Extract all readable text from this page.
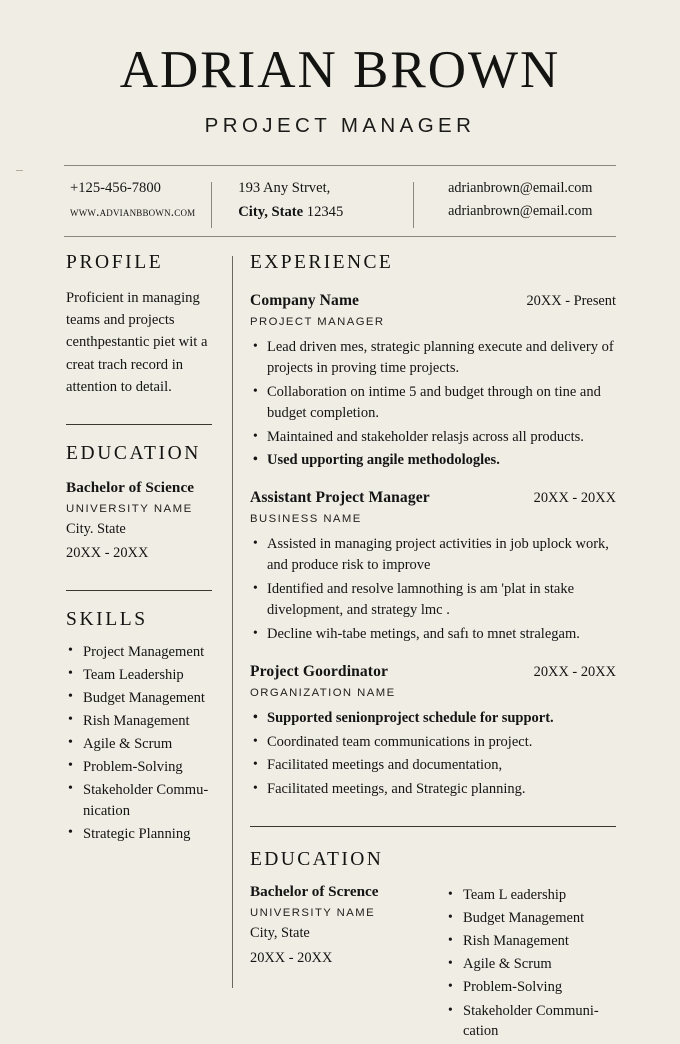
ADRIAN BROWN
PROJECT MANAGER
+125-456-7800
www.advianbbown.com
193 Any Strvet,
City, State 12345
adrianbrown@email.com
adrianbrown@email.com
PROFILE

Proficient in managing teams and projects centhpestantic piet wit a creat trach record in attention to detail.

EDUCATION
Bachelor of Science
UNIVERSITY NAME
City. State
20XX - 20XX
SKILLS
• Project Management
• Team Leadership
• Budget Management
• Rish Management
• Agile & Scrum
• Problem-Solving
• Stakeholder Commu-nication
• Strategic Planning
EXPERIENCE
Company Name	20XX - Present
PROJECT MANAGER
• Lead driven mes, strategic planning execute and delivery of projects in proving time projects.
• Collaboration on intime 5 and budget through on tine and budget completion.
• Maintained and stakeholder relasjs across all products.
• Used upporting angile methodologles.
Assistant Project Manager	20XX - 20XX
BUSINESS NAME
• Assisted in managing project activities in job uplock work, and produce risk to improve
• Identified and resolve lamnothing is am 'plat in stake divelopment, and strategy lmc .
• Decline wih-tabe metings, and safı to mnet stralegam.
Project Goordinator	20XX - 20XX
ORGANIZATION NAME
• Supported senionproject schedule for support.
• Coordinated team communications in project.
• Facilitated meetings and documentation,
• Facilitated meetings, and Strategic planning.
EDUCATION
Bachelor of Scrence
UNIVERSITY NAME
City, State
20XX - 20XX
• Team L eadership
• Budget Management
• Rish Management
• Agile & Scrum
• Problem-Solving
• Stakeholder Communi-cation
